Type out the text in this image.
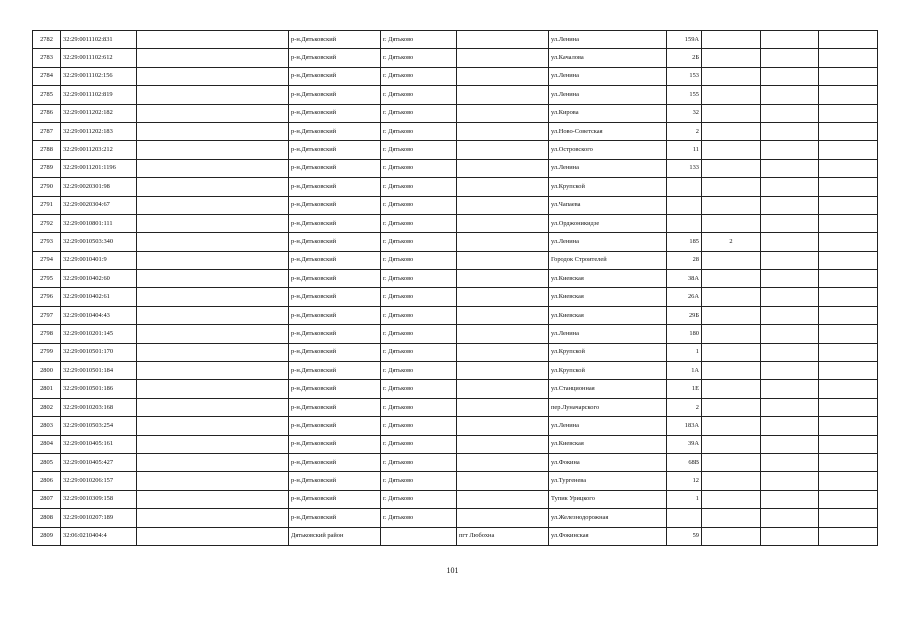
2782	32:29:0011102:831		р-н.Дятьковский	г. Дятьково		ул.Ленина	159А			
2783	32:29:0011102:612		р-н.Дятьковский	г. Дятьково		ул.Качалова	2Б			
2784	32:29:0011102:156		р-н.Дятьковский	г. Дятьково		ул.Ленина	153			
2785	32:29:0011102:819		р-н.Дятьковский	г. Дятьково		ул.Ленина	155			
2786	32:29:0011202:182		р-н.Дятьковский	г. Дятьково		ул.Кирова	32			
2787	32:29:0011202:183		р-н.Дятьковский	г. Дятьково		ул.Ново-Советская	2			
2788	32:29:0011203:212		р-н.Дятьковский	г. Дятьково		ул.Островского	11			
2789	32:29:0011201:1196		р-н.Дятьковский	г. Дятьково		ул.Ленина	133			
2790	32:29:0020301:98		р-н.Дятьковский	г. Дятьково		ул.Крупской				
2791	32:29:0020304:67		р-н.Дятьковский	г. Дятьково		ул.Чапаева				
2792	32:29:0010801:111		р-н.Дятьковский	г. Дятьково		ул.Орджоникидзе				
2793	32:29:0010503:340		р-н.Дятьковский	г. Дятьково		ул.Ленина	185	2		
2794	32:29:0010401:9		р-н.Дятьковский	г. Дятьково		Городок Строителей	28			
2795	32:29:0010402:60		р-н.Дятьковский	г. Дятьково		ул.Киевская	38А			
2796	32:29:0010402:61		р-н.Дятьковский	г. Дятьково		ул.Киевская	26А			
2797	32:29:0010404:43		р-н.Дятьковский	г. Дятьково		ул.Киевская	29Б			
2798	32:29:0010201:145		р-н.Дятьковский	г. Дятьково		ул.Ленина	180			
2799	32:29:0010501:170		р-н.Дятьковский	г. Дятьково		ул.Крупской	1			
2800	32:29:0010501:184		р-н.Дятьковский	г. Дятьково		ул.Крупской	1А			
2801	32:29:0010501:186		р-н.Дятьковский	г. Дятьково		ул.Станционная	1Е			
2802	32:29:0010203:168		р-н.Дятьковский	г. Дятьково		пер.Луначарского	2			
2803	32:29:0010503:254		р-н.Дятьковский	г. Дятьково		ул.Ленина	183А			
2804	32:29:0010405:161		р-н.Дятьковский	г. Дятьково		ул.Киевская	39А			
2805	32:29:0010405:427		р-н.Дятьковский	г. Дятьково		ул.Фокина	68В			
2806	32:29:0010206:157		р-н.Дятьковский	г. Дятьково		ул.Тургенева	12			
2807	32:29:0010309:158		р-н.Дятьковский	г. Дятьково		Тупик Урицкого	1			
2808	32:29:0010207:189		р-н.Дятьковский	г. Дятьково		ул.Железнодорожная				
2809	32:06:0210404:4		Дятьковский район		пгт Любохна	ул.Фокинская	59			
101
